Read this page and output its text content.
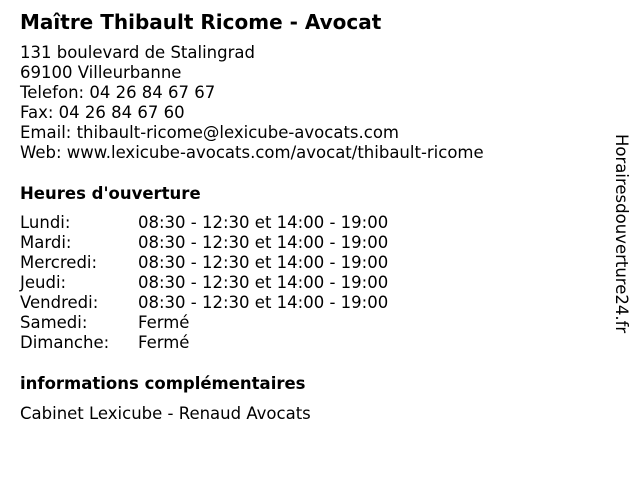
Maître Thibault Ricome - Avocat
131 boulevard de Stalingrad
69100 Villeurbanne
Telefon: 04 26 84 67 67
Fax: 04 26 84 67 60
Email: thibault-ricome@lexicube-avocats.com
Web: www.lexicube-avocats.com/avocat/thibault-ricome
Heures d'ouverture
Lundi:	08:30 - 12:30 et 14:00 - 19:00
Mardi:	08:30 - 12:30 et 14:00 - 19:00
Mercredi:	08:30 - 12:30 et 14:00 - 19:00
Jeudi:	08:30 - 12:30 et 14:00 - 19:00
Vendredi:	08:30 - 12:30 et 14:00 - 19:00
Samedi:	Fermé
Dimanche:	Fermé
informations complémentaires
Cabinet Lexicube - Renaud Avocats
Horairesdouverture24.fr
